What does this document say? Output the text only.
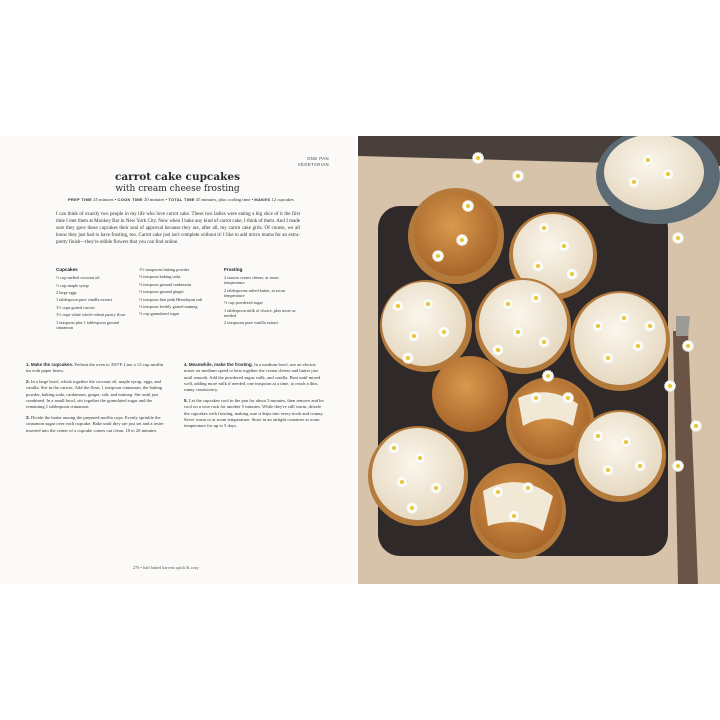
ONE PAN
VEGETARIAN
carrot cake cupcakes
with cream cheese frosting
PREP TIME 25 minutes • COOK TIME 20 minutes • TOTAL TIME 45 minutes, plus cooling time • MAKES 12 cupcakes

I can think of exactly two people in my life who love carrot cake. These two ladies were eating a big slice of it the first time I met them at Monkey Bar in New York City. Now when I bake any kind of carrot cake, I think of them. And I made sure they gave these cupcakes their seal of approval because they are, after all, my carrot cake girls. Of course, we all know they just had to have frosting, too. Carrot cake just isn't complete without it! I like to add micro mums for an extra-pretty finish—they're edible flowers that you can find online.

Cupcakes
⅓ cup melted coconut oil
⅓ cup maple syrup
2 large eggs
1 tablespoon pure vanilla extract
1½ cups grated carrots
1½ cups white whole-wheat pastry flour
1 teaspoon plus 1 tablespoon ground cinnamon
1½ teaspoons baking powder
½ teaspoon baking soda
½ teaspoon ground cardamom
½ teaspoon ground ginger
½ teaspoon fine pink Himalayan salt
½ teaspoon freshly grated nutmeg
½ cup granulated sugar
Frosting
2 ounces cream cheese, at room temperature
2 tablespoons salted butter, at room temperature
½ cup powdered sugar
1 tablespoon milk of choice, plus more as needed
2 teaspoons pure vanilla extract

1. Make the cupcakes. Preheat the oven to 350°F. Line a 12-cup muffin tin with paper liners.

2. In a large bowl, whisk together the coconut oil, maple syrup, eggs, and vanilla. Stir in the carrots. Add the flour, 1 teaspoon cinnamon, the baking powder, baking soda, cardamom, ginger, salt, and nutmeg. Stir until just combined. In a small bowl, stir together the granulated sugar and the remaining 1 tablespoon cinnamon.

3. Divide the batter among the prepared muffin cups. Evenly sprinkle the cinnamon sugar over each cupcake. Bake until they are just set and a tester inserted into the center of a cupcake comes out clean, 18 to 20 minutes.

4. Meanwhile, make the frosting. In a medium bowl, use an electric mixer on medium speed to beat together the cream cheese and butter just until smooth. Add the powdered sugar, milk, and vanilla. Beat until mixed well, adding more milk if needed, one teaspoon at a time, to reach a thin, runny consistency.

5. Let the cupcakes cool in the pan for about 5 minutes, then remove and let cool on a wire rack for another 5 minutes. While they're still warm, drizzle the cupcakes with frosting, making sure it drips into every nook and cranny. Serve warm or at room temperature. Store in an airtight container at room temperature for up to 5 days.

276 • half baked harvest quick & cozy
